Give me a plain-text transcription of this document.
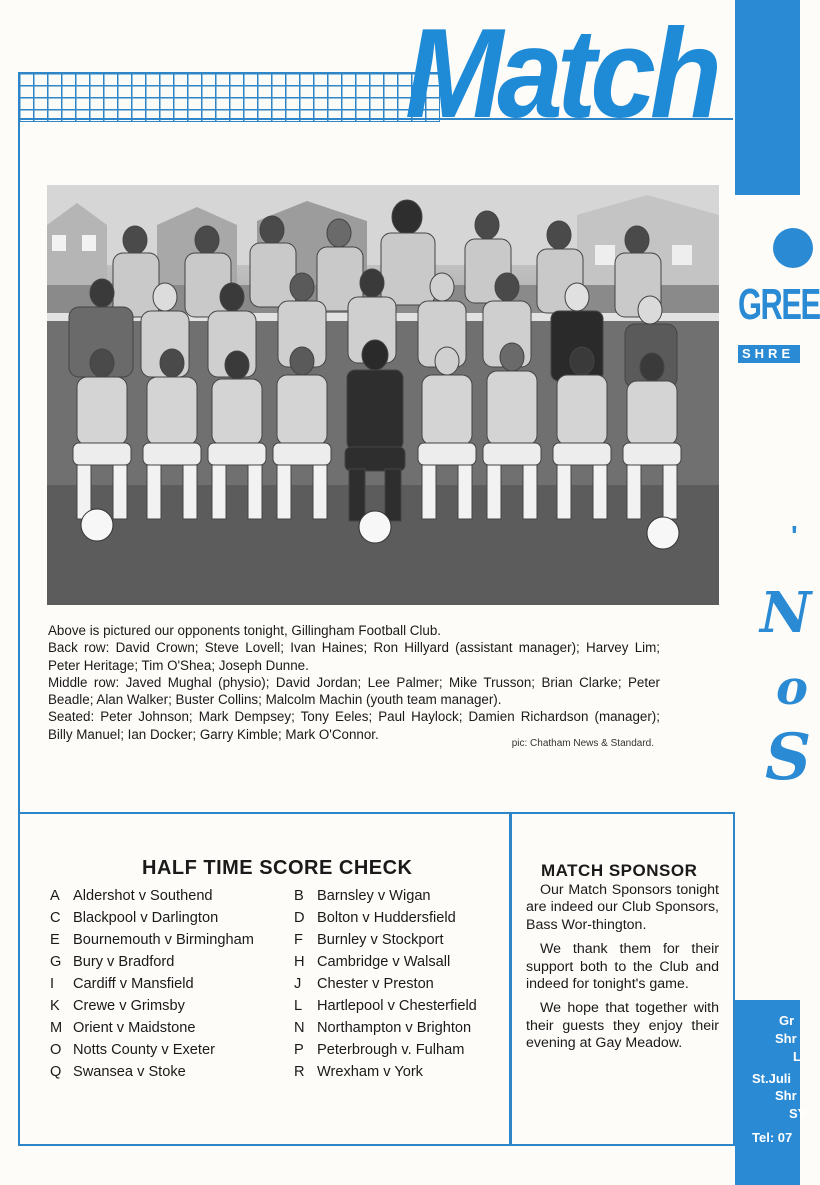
GREE
SHRE
'
N
o
S
Gr
Shr
L
St.Juli
Shr
SY
Tel: 07
Match

Above is pictured our opponents tonight, Gillingham Football Club.

Back row: David Crown; Steve Lovell; Ivan Haines; Ron Hillyard (assistant manager); Harvey Lim; Peter Heritage; Tim O'Shea; Joseph Dunne.

Middle row: Javed Mughal (physio); David Jordan; Lee Palmer; Mike Trusson; Brian Clarke; Peter Beadle; Alan Walker; Buster Collins; Malcolm Machin (youth team manager).

Seated: Peter Johnson; Mark Dempsey; Tony Eeles; Paul Haylock; Damien Richardson (manager); Billy Manuel; Ian Docker; Garry Kimble; Mark O'Connor.

pic: Chatham News & Standard.
HALF TIME SCORE CHECK
A Aldershot v Southend
C Blackpool v Darlington
E Bournemouth v Birmingham
G Bury v Bradford
I	Cardiff v Mansfield
K Crewe v Grimsby
M Orient v Maidstone
O Notts County v Exeter
Q Swansea v Stoke
B Barnsley v Wigan
D Bolton v Huddersfield
F Burnley v Stockport
H Cambridge v Walsall
J	Chester v Preston
L	Hartlepool v Chesterfield
N Northampton v Brighton
P Peterbrough v. Fulham
R Wrexham v York
MATCH SPONSOR

Our Match Sponsors tonight are indeed our Club Sponsors, Bass Wor-thington.

We thank them for their support both to the Club and indeed for tonight's game.

We hope that together with their guests they enjoy their evening at Gay Meadow.
